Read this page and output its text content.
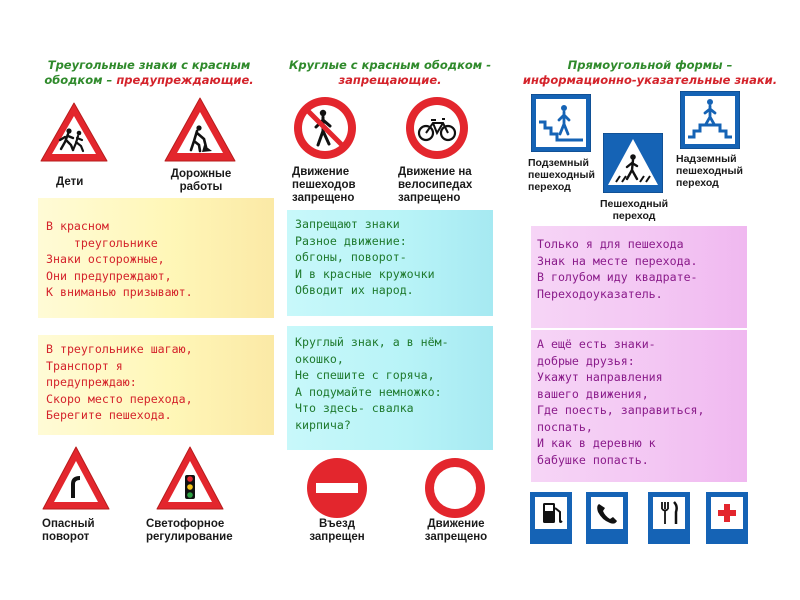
Треугольные знаки с красным ободком – предупреждающие.
Дети
Дорожные работы
В красном
треугольнике
Знаки осторожные,
Они предупреждают,
К вниманью призывают.
В треугольнике шагаю,
Транспорт я
предупреждаю:
Скоро место перехода,
Берегите пешехода.
Опасный поворот
Светофорное регулирование
Круглые с красным ободком - запрещающие.
Движение пешеходов запрещено
Движение на велосипедах запрещено
Запрещают знаки
Разное движение:
обгоны, поворот-
И в красные кружочки
Обводит их народ.
Круглый знак, а в нём-
окошко,
Не спешите с горяча,
А подумайте немножко:
Что здесь- свалка
кирпича?
Въезд запрещен
Движение запрещено
Прямоугольной формы – информационно-указательные знаки.
Подземный пешеходный переход
Пешеходный переход
Надземный пешеходный переход
Только я для пешехода
Знак на месте перехода.
В голубом иду квадрате-
Переходоуказатель.
А ещё есть знаки-
добрые друзья:
Укажут направления
вашего движения,
Где поесть, заправиться,
поспать,
И как в деревню к
бабушке попасть.
